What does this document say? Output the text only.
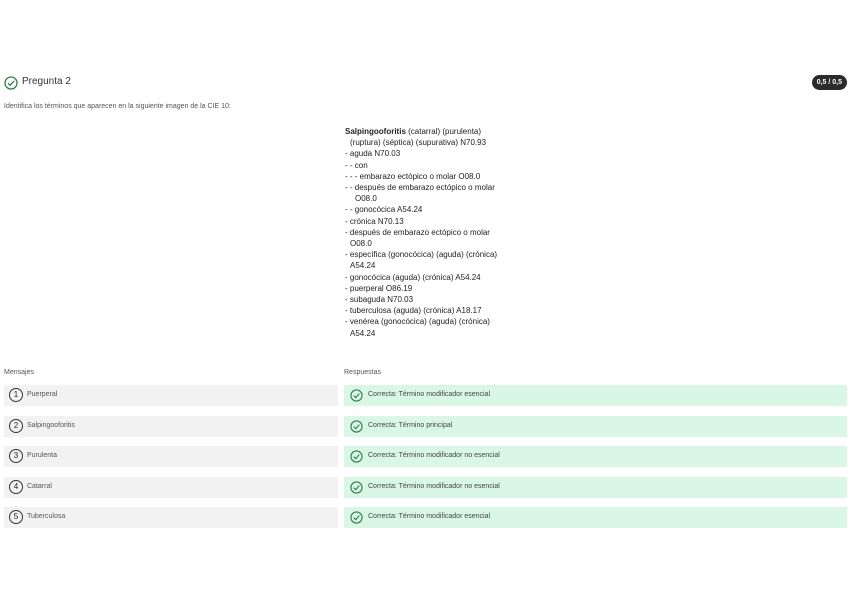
Pregunta 2	0,5 / 0,5
Identifica los términos que aparecen en la siguiente imagen de la CIE 10:
Salpingooforitis (catarral) (purulenta)
(ruptura) (séptica) (supurativa) N70.93
- aguda N70.03
- - con
- - - embarazo ectópico o molar O08.0
- - después de embarazo ectópico o molar
O08.0
- - gonocócica A54.24
- crónica N70.13
- después de embarazo ectópico o molar
O08.0
- específica (gonocócica) (aguda) (crónica)
A54.24
- gonocócica (aguda) (crónica) A54.24
- puerperal O86.19
- subaguda N70.03
- tuberculosa (aguda) (crónica) A18.17
- venérea (gonocócica) (aguda) (crónica)
A54.24
Mensajes	Respuestas
1	Puerperal	Correcta: Término modificador esencial
2	Salpingooforitis	Correcta: Término principal
3	Purulenta	Correcta: Término modificador no esencial
4	Catarral	Correcta: Término modificador no esencial
5	Tuberculosa	Correcta: Término modificador esencial
